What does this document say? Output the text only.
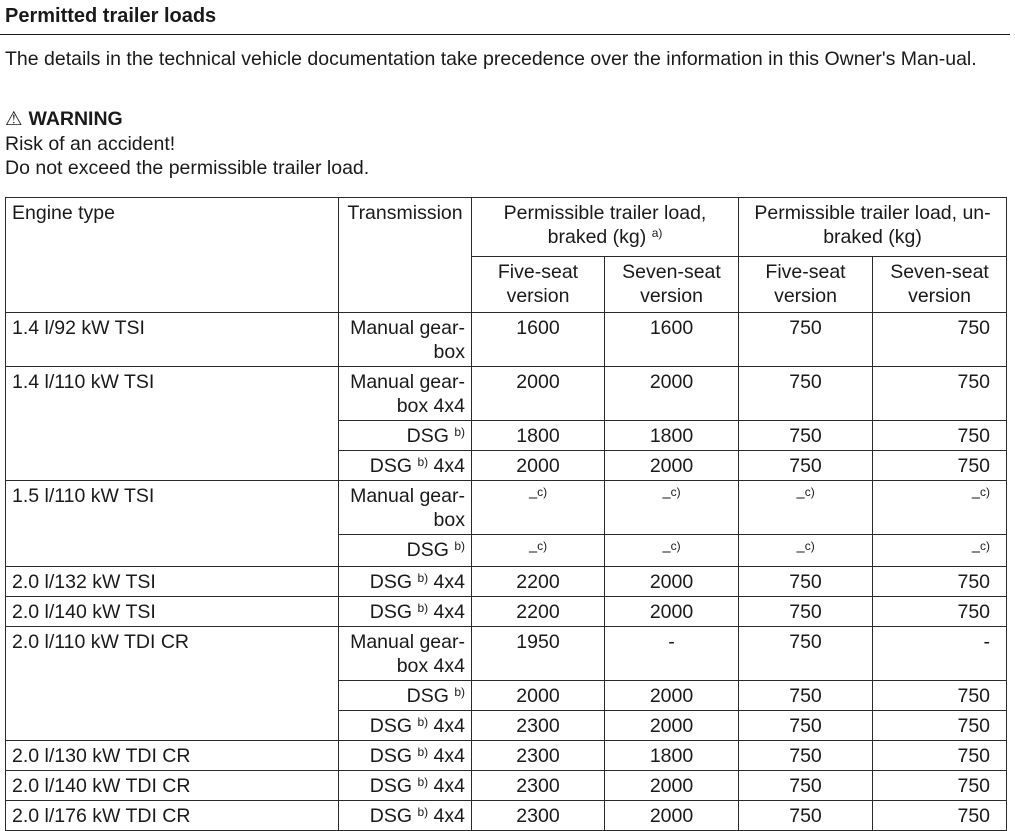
Permitted trailer loads
The details in the technical vehicle documentation take precedence over the information in this Owner's Man-ual.
⚠ WARNING
Risk of an accident!
Do not exceed the permissible trailer load.
Engine type	Transmission	Permissible trailer load, braked (kg) $^{a)}$		Permissible trailer load, un-braked (kg)	
		Five-seat version	Seven-seat version	Five-seat version	Seven-seat version
1.4 l/92 kW TSI	Manual gear-box	1600	1600	750	750
1.4 l/110 kW TSI	Manual gear-box 4x4	2000	2000	750	750
	DSG $^{b)}$	1800	1800	750	750
	DSG $^{b)}$ 4x4	2000	2000	750	750
1.5 l/110 kW TSI	Manual gear-box	–$^{c)}$	–$^{c)}$	–$^{c)}$	–$^{c)}$
	DSG $^{b)}$	–$^{c)}$	–$^{c)}$	–$^{c)}$	–$^{c)}$
2.0 l/132 kW TSI	DSG $^{b)}$ 4x4	2200	2000	750	750
2.0 l/140 kW TSI	DSG $^{b)}$ 4x4	2200	2000	750	750
2.0 l/110 kW TDI CR	Manual gear-box 4x4	1950	-	750	-
	DSG $^{b)}$	2000	2000	750	750
	DSG $^{b)}$ 4x4	2300	2000	750	750
2.0 l/130 kW TDI CR	DSG $^{b)}$ 4x4	2300	1800	750	750
2.0 l/140 kW TDI CR	DSG $^{b)}$ 4x4	2300	2000	750	750
2.0 l/176 kW TDI CR	DSG $^{b)}$ 4x4	2300	2000	750	750
